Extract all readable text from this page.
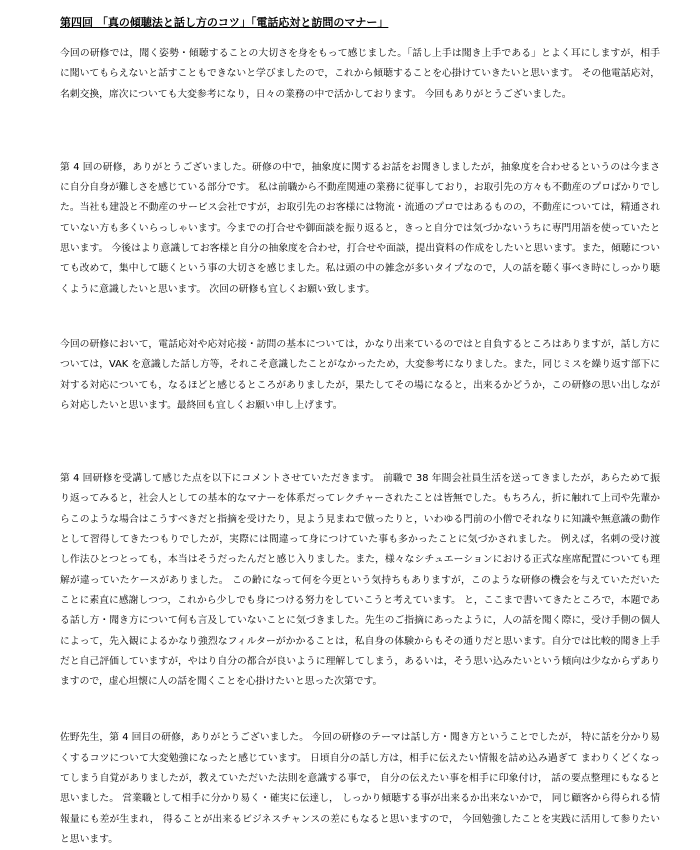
第四回 「真の傾聴法と話し方のコツ」「電話応対と訪問のマナー」

今回の研修では，聞く姿勢・傾聴することの大切さを身をもって感じました。「話し上手は聞き上手である」とよく耳にしますが，相手に聞いてもらえないと話すこともできないと学びましたので，これから傾聴することを心掛けていきたいと思います。 その他電話応対，名刺交換，席次についても大変参考になり，日々の業務の中で活かしております。 今回もありがとうございました。

第 4 回の研修，ありがとうございました。研修の中で，抽象度に関するお話をお聞きしましたが，抽象度を合わせるというのは今まさに自分自身が難しさを感じている部分です。 私は前職から不動産関連の業務に従事しており，お取引先の方々も不動産のプロばかりでした。当社も建設と不動産のサービス会社ですが，お取引先のお客様には物流・流通のプロではあるものの，不動産については，精通されていない方も多くいらっしゃいます。今までの打合せや御面談を振り返ると，きっと自分では気づかないうちに専門用語を使っていたと思います。 今後はより意識してお客様と自分の抽象度を合わせ，打合せや面談，提出資料の作成をしたいと思います。また，傾聴についても改めて，集中して聴くという事の大切さを感じました。私は頭の中の雑念が多いタイプなので，人の話を聴く事べき時にしっかり聴くように意識したいと思います。 次回の研修も宜しくお願い致します。

今回の研修において，電話応対や応対応接・訪問の基本については，かなり出来ているのではと自負するところはありますが，話し方については，VAK を意識した話し方等，それこそ意識したことがなかったため，大変参考になりました。また，同じミスを繰り返す部下に対する対応についても，なるほどと感じるところがありましたが，果たしてその場になると，出来るかどうか，この研修の思い出しながら対応したいと思います。最終回も宜しくお願い申し上げます。

第 4 回研修を受講して感じた点を以下にコメントさせていただきます。 前職で 38 年間会社員生活を送ってきましたが，あらためて振り返ってみると，社会人としての基本的なマナーを体系だってレクチャーされたことは皆無でした。もちろん，折に触れて上司や先輩からこのような場合はこうすべきだと指摘を受けたり，見よう見まねで倣ったりと，いわゆる門前の小僧でそれなりに知識や無意識の動作として習得してきたつもりでしたが，実際には間違って身につけていた事も多かったことに気づかされました。 例えば，名刺の受け渡し作法ひとつとっても，本当はそうだったんだと感じ入りました。また，様々なシチュエーションにおける正式な座席配置についても理解が違っていたケースがありました。 この齢になって何を今更という気持ちもありますが，このような研修の機会を与えていただいたことに素直に感謝しつつ，これから少しでも身につける努力をしていこうと考えています。 と，ここまで書いてきたところで，本題である話し方・聞き方について何も言及していないことに気づきました。先生のご指摘にあったように，人の話を聞く際に，受け手側の個人によって，先入観によるかなり強烈なフィルターがかかることは，私自身の体験からもその通りだと思います。自分では比較的聞き上手だと自己評価していますが，やはり自分の都合が良いように理解してしまう，あるいは，そう思い込みたいという傾向は少なからずありますので，虚心坦懐に人の話を聞くことを心掛けたいと思った次第です。

佐野先生，第 4 回目の研修，ありがとうございました。 今回の研修のテーマは話し方・聞き方ということでしたが， 特に話を分かり易くするコツについて大変勉強になったと感じています。 日頃自分の話し方は，相手に伝えたい情報を詰め込み過ぎて まわりくどくなってしまう自覚がありましたが，教えていただいた法則を意識する事で， 自分の伝えたい事を相手に印象付け， 話の要点整理にもなると思いました。 営業職として相手に分かり易く・確実に伝達し， しっかり傾聴する事が出来るか出来ないかで， 同じ顧客から得られる情報量にも差が生まれ， 得ることが出来るビジネスチャンスの差にもなると思いますので， 今回勉強したことを実践に活用して参りたいと思います。
